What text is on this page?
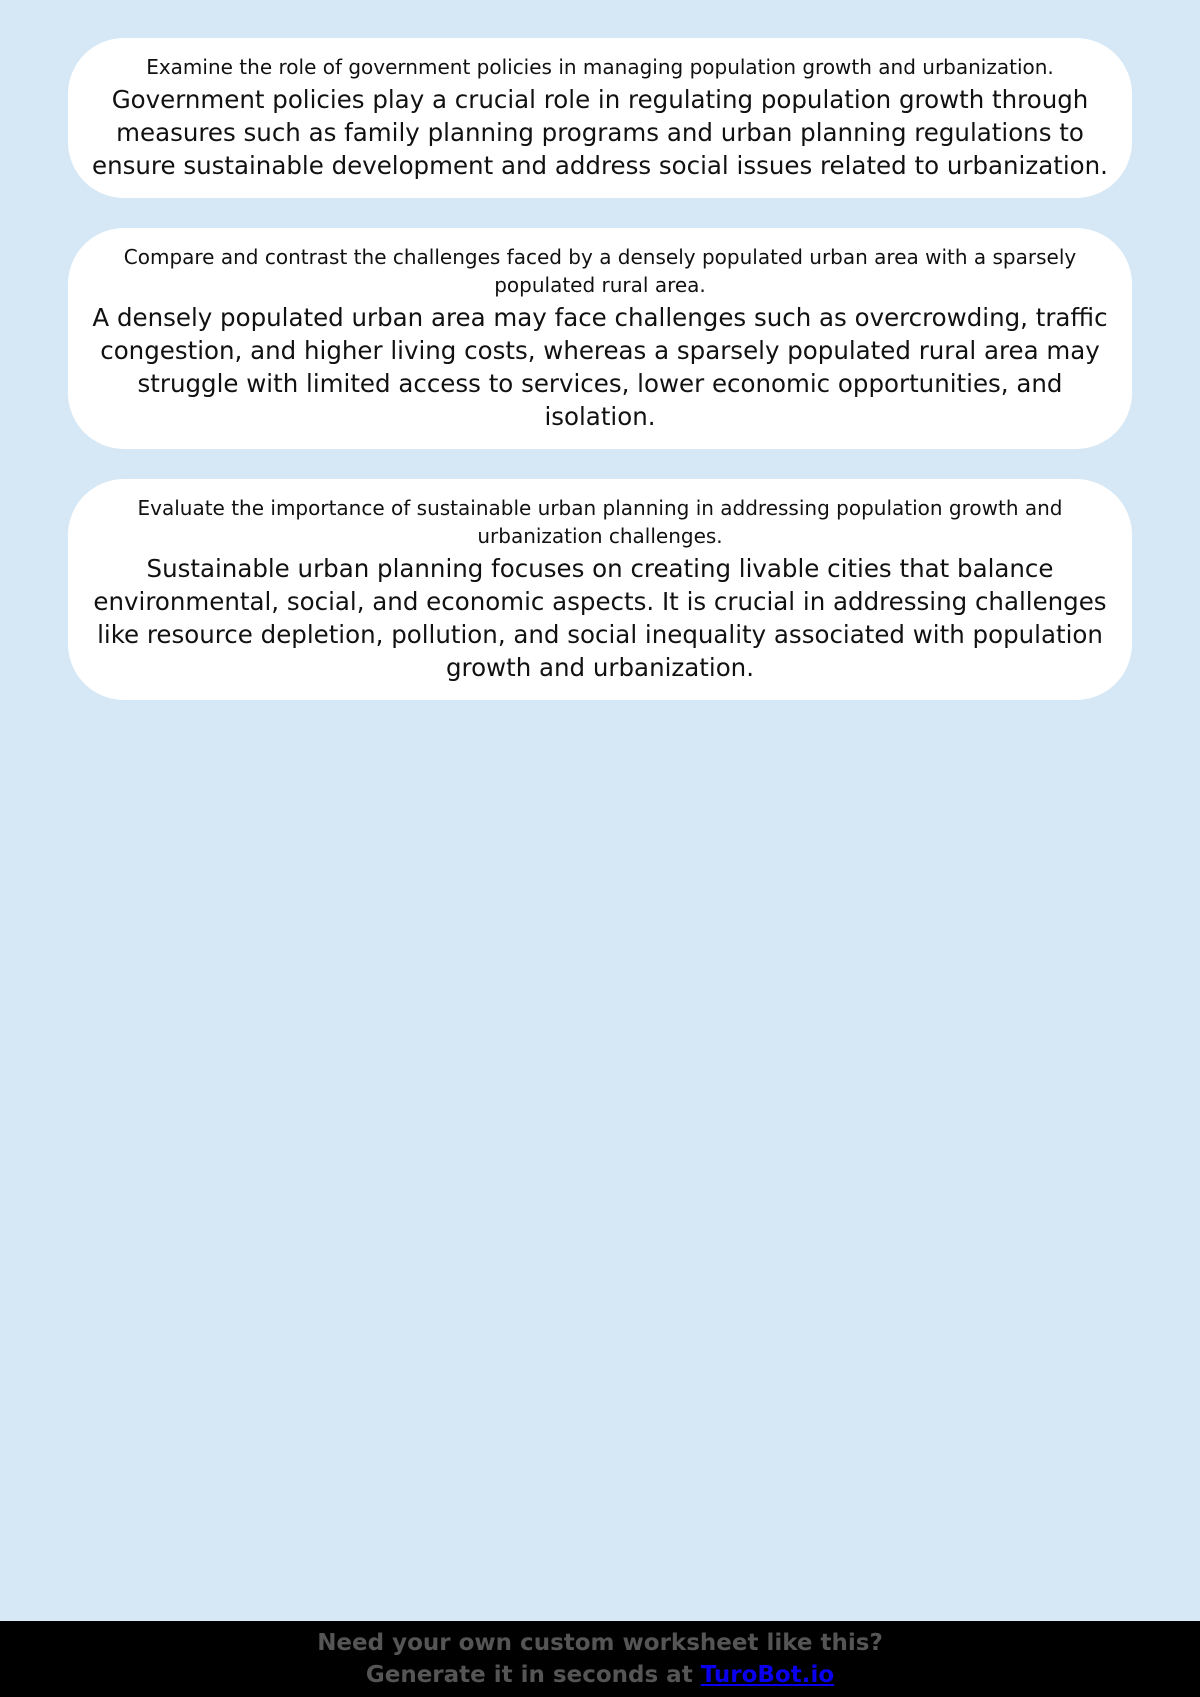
Examine the role of government policies in managing population growth and urbanization.

Government policies play a crucial role in regulating population growth through measures such as family planning programs and urban planning regulations to ensure sustainable development and address social issues related to urbanization.

Compare and contrast the challenges faced by a densely populated urban area with a sparsely populated rural area.

A densely populated urban area may face challenges such as overcrowding, traffic congestion, and higher living costs, whereas a sparsely populated rural area may struggle with limited access to services, lower economic opportunities, and isolation.

Evaluate the importance of sustainable urban planning in addressing population growth and urbanization challenges.

Sustainable urban planning focuses on creating livable cities that balance environmental, social, and economic aspects. It is crucial in addressing challenges like resource depletion, pollution, and social inequality associated with population growth and urbanization.

Need your own custom worksheet like this?
Generate it in seconds at TuroBot.io
